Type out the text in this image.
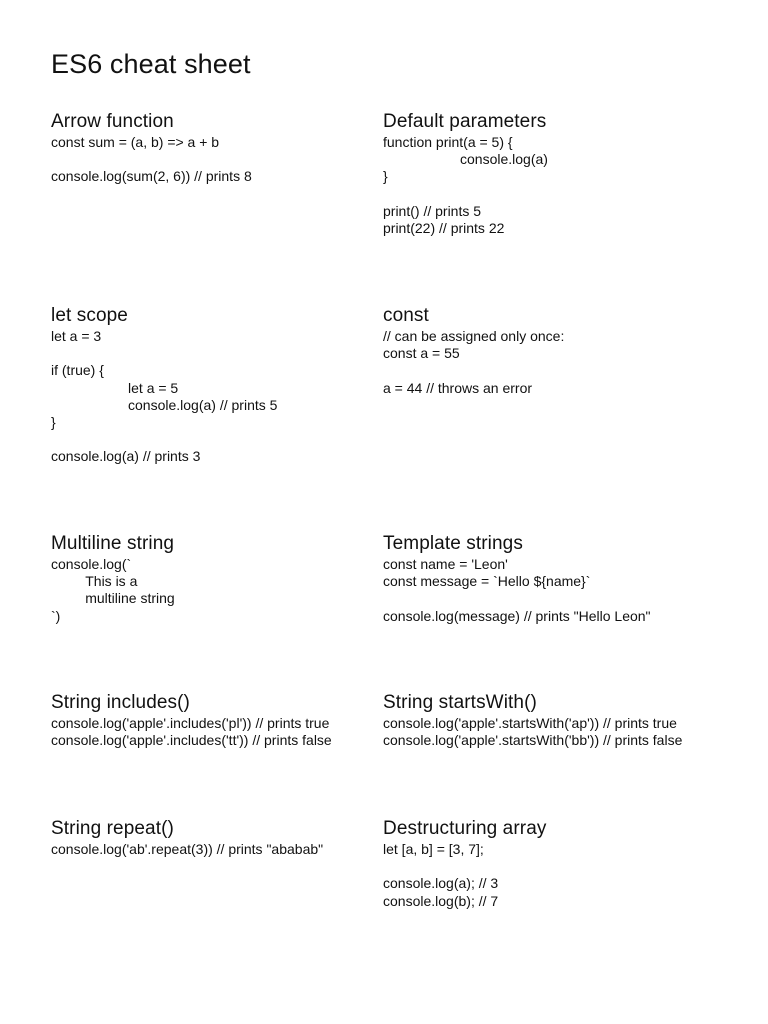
ES6 cheat sheet
Arrow function
const sum = (a, b) => a + b

console.log(sum(2, 6)) // prints 8
Default parameters
function print(a = 5) {
			console.log(a)
}

print() // prints 5
print(22) // prints 22
let scope
let a = 3

if (true) {
			let a = 5
			console.log(a) // prints 5
}

console.log(a) // prints 3
const
// can be assigned only once:
const a = 55

a = 44 // throws an error
Multiline string
console.log(`
		This is a
		multiline string
`)
Template strings
const name = 'Leon'
const message = `Hello ${name}`

console.log(message) // prints "Hello Leon"
String includes()
console.log('apple'.includes('pl')) // prints true
console.log('apple'.includes('tt')) // prints false
String startsWith()
console.log('apple'.startsWith('ap')) // prints true
console.log('apple'.startsWith('bb')) // prints false
String repeat()
console.log('ab'.repeat(3)) // prints "ababab"
Destructuring array
let [a, b] = [3, 7];

console.log(a); // 3
console.log(b); // 7
